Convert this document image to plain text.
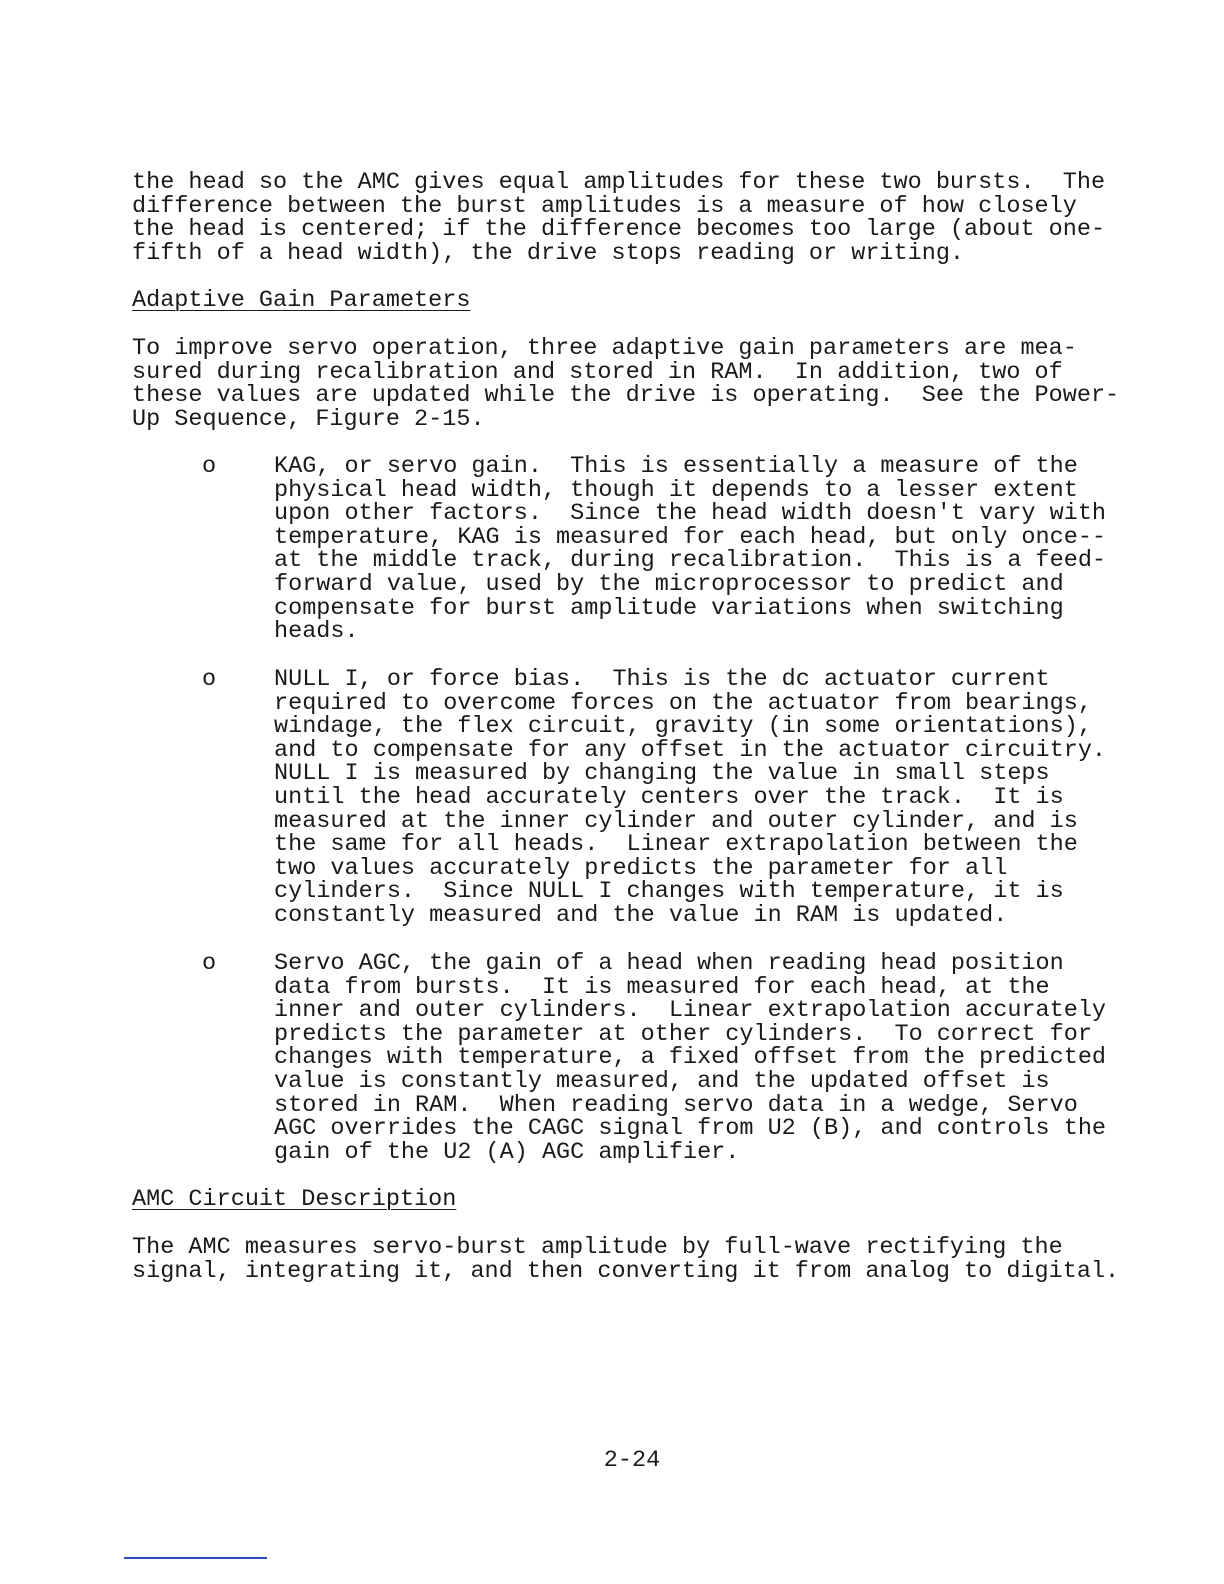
the head so the AMC gives equal amplitudes for these two bursts.  The
difference between the burst amplitudes is a measure of how closely
the head is centered; if the difference becomes too large (about one-
fifth of a head width), the drive stops reading or writing.
Adaptive Gain Parameters
To improve servo operation, three adaptive gain parameters are mea-
sured during recalibration and stored in RAM.  In addition, two of
these values are updated while the drive is operating.  See the Power-
Up Sequence, Figure 2-15.
o KAG, or servo gain.  This is essentially a measure of the
physical head width, though it depends to a lesser extent
upon other factors.  Since the head width doesn't vary with
temperature, KAG is measured for each head, but only once--
at the middle track, during recalibration.  This is a feed-
forward value, used by the microprocessor to predict and
compensate for burst amplitude variations when switching
heads.
o NULL I, or force bias.  This is the dc actuator current
required to overcome forces on the actuator from bearings,
windage, the flex circuit, gravity (in some orientations),
and to compensate for any offset in the actuator circuitry.
NULL I is measured by changing the value in small steps
until the head accurately centers over the track.  It is
measured at the inner cylinder and outer cylinder, and is
the same for all heads.  Linear extrapolation between the
two values accurately predicts the parameter for all
cylinders.  Since NULL I changes with temperature, it is
constantly measured and the value in RAM is updated.
o Servo AGC, the gain of a head when reading head position
data from bursts.  It is measured for each head, at the
inner and outer cylinders.  Linear extrapolation accurately
predicts the parameter at other cylinders.  To correct for
changes with temperature, a fixed offset from the predicted
value is constantly measured, and the updated offset is
stored in RAM.  When reading servo data in a wedge, Servo
AGC overrides the CAGC signal from U2 (B), and controls the
gain of the U2 (A) AGC amplifier.
AMC Circuit Description
The AMC measures servo-burst amplitude by full-wave rectifying the
signal, integrating it, and then converting it from analog to digital.
2-24
